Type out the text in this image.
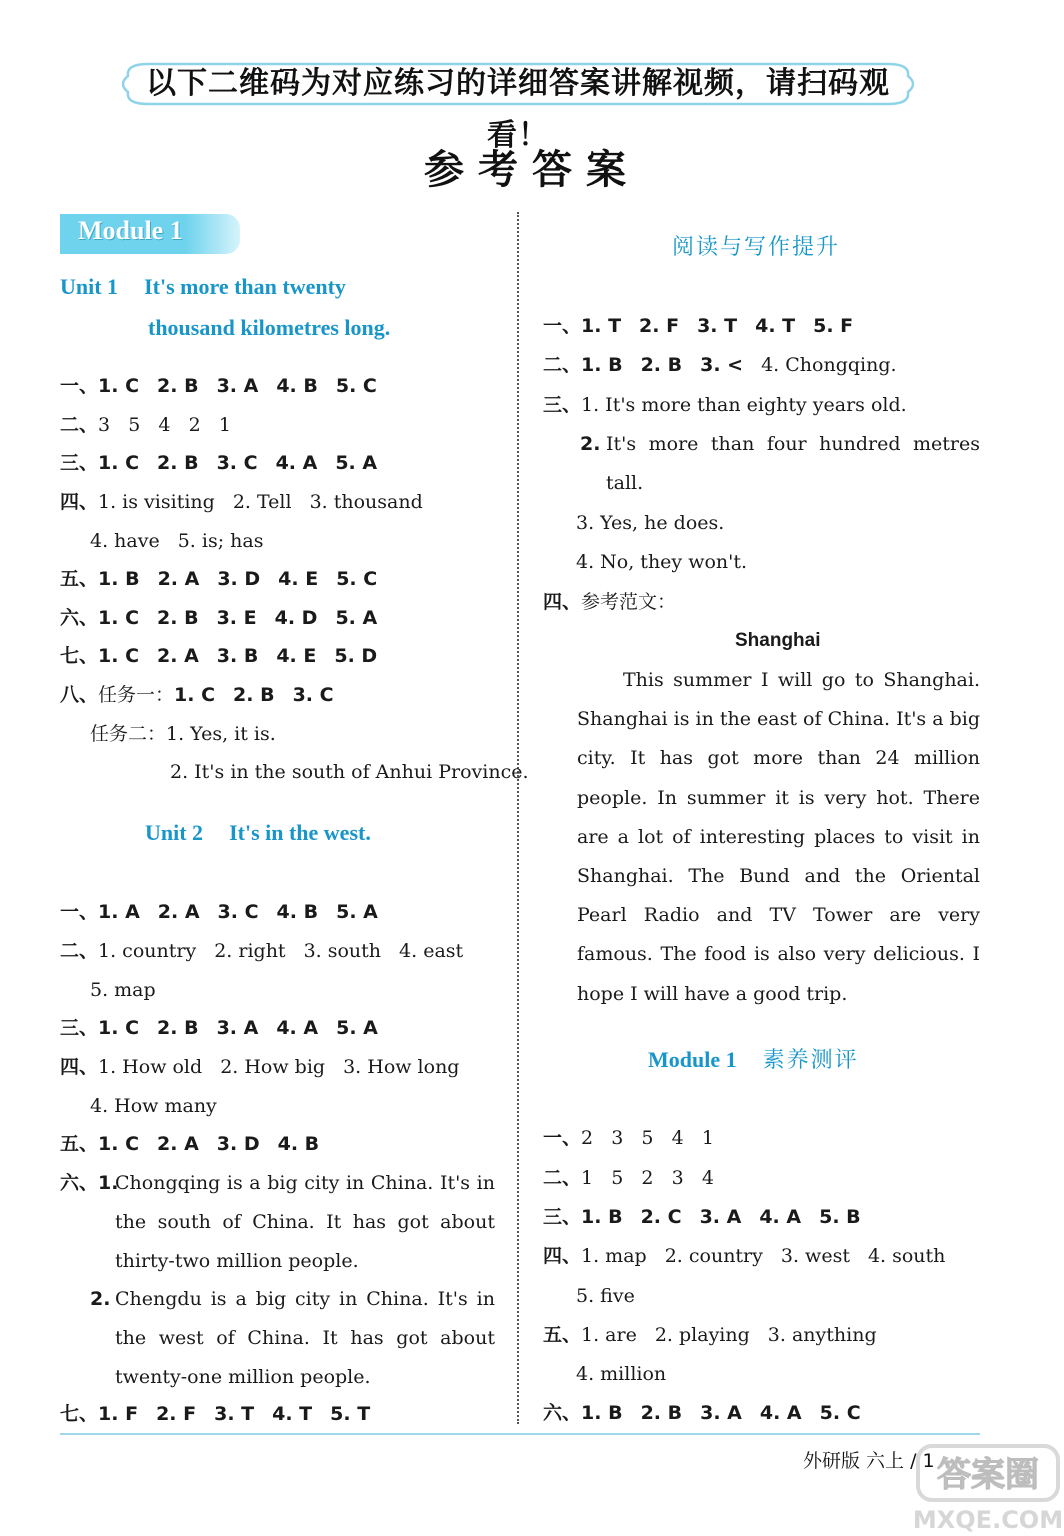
以下二维码为对应练习的详细答案讲解视频，请扫码观看！
参考答案
Module 1
Unit 1 It's more than twenty
thousand kilometres long.
一、1. C 2. B 3. A 4. B 5. C
二、3   5   4   2   1
三、1. C 2. B 3. C 4. A 5. A
四、1. is visiting 2. Tell 3. thousand
4. have 5. is; has
五、1. B 2. A 3. D 4. E 5. C
六、1. C 2. B 3. E 4. D 5. A
七、1. C 2. A 3. B 4. E 5. D
八、任务一：1. C 2. B 3. C
任务二：1. Yes, it is.
2. It's in the south of Anhui Province.
Unit 2 It's in the west.
一、1. A 2. A 3. C 4. B 5. A
二、1. country 2. right 3. south 4. east
5. map
三、1. C 2. B 3. A 4. A 5. A
四、1. How old 2. How big 3. How long
4. How many
五、1. C 2. A 3. D 4. B
六、1.
Chongqing is a big city in China. It's in the south of China. It has got about thirty-two million people.
2. Chengdu is a big city in China. It's in the west of China. It has got about twenty-one million people.
七、1. F 2. F 3. T 4. T 5. T
阅读与写作提升
一、1. T 2. F 3. T 4. T 5. F
二、1. B 2. B 3. < 4. Chongqing.
三、1. It's more than eighty years old.
2. It's more than four hundred metres tall.
3. Yes, he does.
4. No, they won't.
四、参考范文：
Shanghai
This summer I will go to Shanghai. Shanghai is in the east of China. It's a big city. It has got more than 24 million people. In summer it is very hot. There are a lot of interesting places to visit in Shanghai. The Bund and the Oriental Pearl Radio and TV Tower are very famous. The food is also very delicious. I hope I will have a good trip.
Module 1 素养测评
一、2   3   5   4   1
二、1   5   2   3   4
三、1. B 2. C 3. A 4. A 5. B
四、1. map 2. country 3. west 4. south
5. five
五、1. are 2. playing 3. anything
4. million
六、1. B 2. B 3. A 4. A 5. C
外研版 六上 / 1 答案圈
MXQE.COM
